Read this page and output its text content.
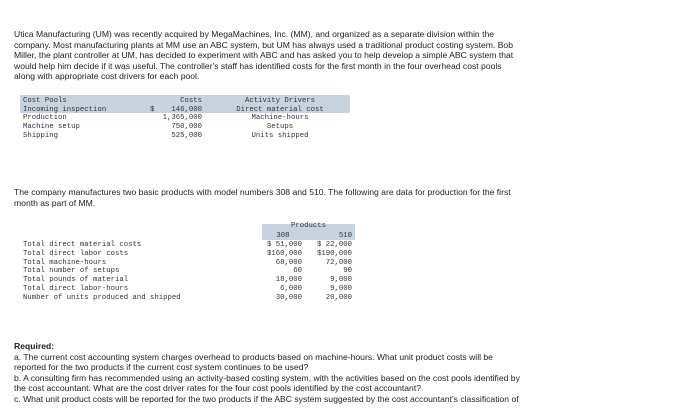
Utica Manufacturing (UM) was recently acquired by MegaMachines, Inc. (MM), and organized as a separate division within the
company. Most manufacturing plants at MM use an ABC system, but UM has always used a traditional product costing system. Bob
Miller, the plant controller at UM, has decided to experiment with ABC and has asked you to help develop a simple ABC system that
would help him decide if it was useful. The controller's staff has identified costs for the first month in the four overhead cost pools
along with appropriate cost drivers for each pool.
Cost Pools
Incoming inspection
Production
Machine setup
Shipping
$
Costs
146,000
1,365,000
750,000
525,000
Activity Drivers
Direct material cost
Machine-hours
Setups
Units shipped
The company manufactures two basic products with model numbers 308 and 510. The following are data for production for the first
month as part of MM.
Products
308	510
Total direct material costs
Total direct labor costs
Total machine-hours
Total number of setups
Total pounds of material
Total direct labor-hours
Number of units produced and shipped
$ 51,000
$160,000
68,000
60
18,000
6,000
30,000
$ 22,000
$190,000
72,000
90
9,000
9,000
20,000
Required:
a. The current cost accounting system charges overhead to products based on machine-hours. What unit product costs will be
reported for the two products if the current cost system continues to be used?
b. A consulting firm has recommended using an activity-based costing system, with the activities based on the cost pools identified by
the cost accountant. What are the cost driver rates for the four cost pools identified by the cost accountant?
c. What unit product costs will be reported for the two products if the ABC system suggested by the cost accountant's classification of
